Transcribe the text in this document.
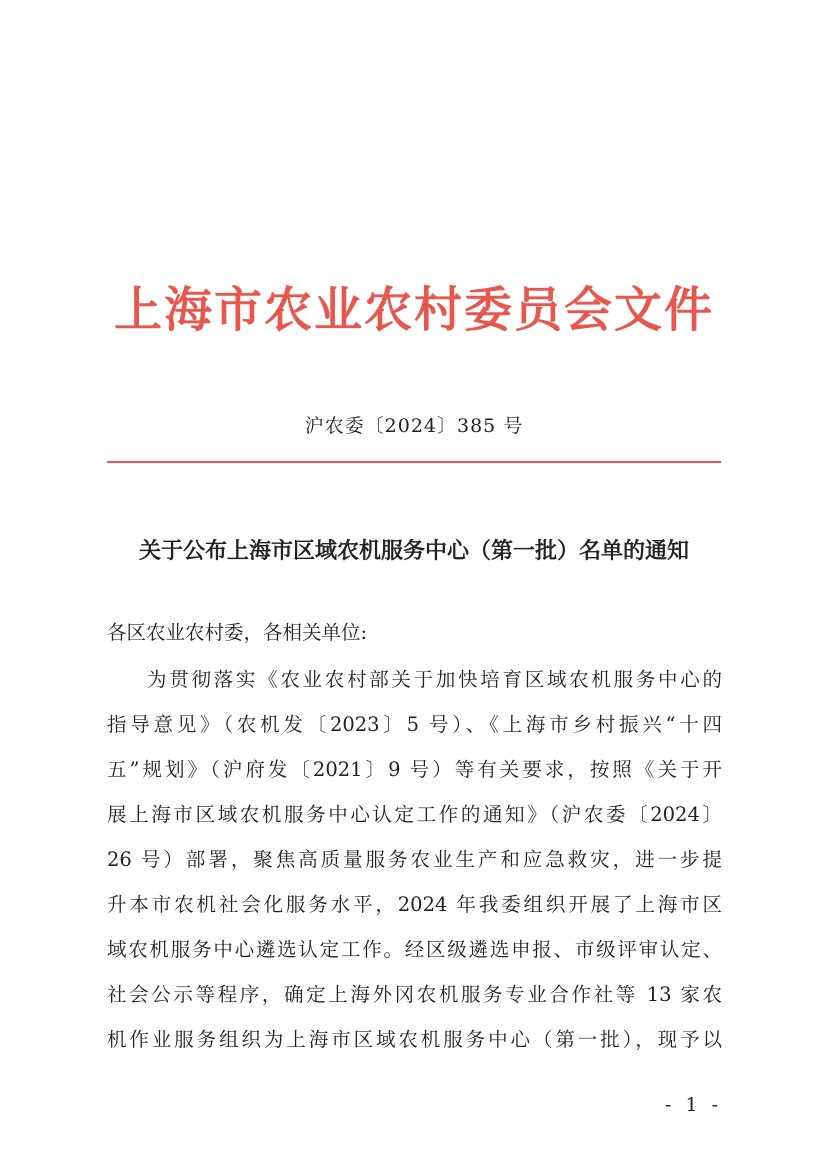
上海市农业农村委员会文件
沪农委〔2024〕385 号
关于公布上海市区域农机服务中心（第一批）名单的通知
各区农业农村委，各相关单位:
为贯彻落实《农业农村部关于加快培育区域农机服务中心的
指导意见》（农机发〔2023〕5 号）、《上海市乡村振兴“十四
五”规划》（沪府发〔2021〕9 号）等有关要求，按照《关于开
展上海市区域农机服务中心认定工作的通知》（沪农委〔2024〕
26 号）部署，聚焦高质量服务农业生产和应急救灾，进一步提
升本市农机社会化服务水平，2024 年我委组织开展了上海市区
域农机服务中心遴选认定工作。经区级遴选申报、市级评审认定、
社会公示等程序，确定上海外冈农机服务专业合作社等 13 家农
机作业服务组织为上海市区域农机服务中心（第一批），现予以
- 1 -
